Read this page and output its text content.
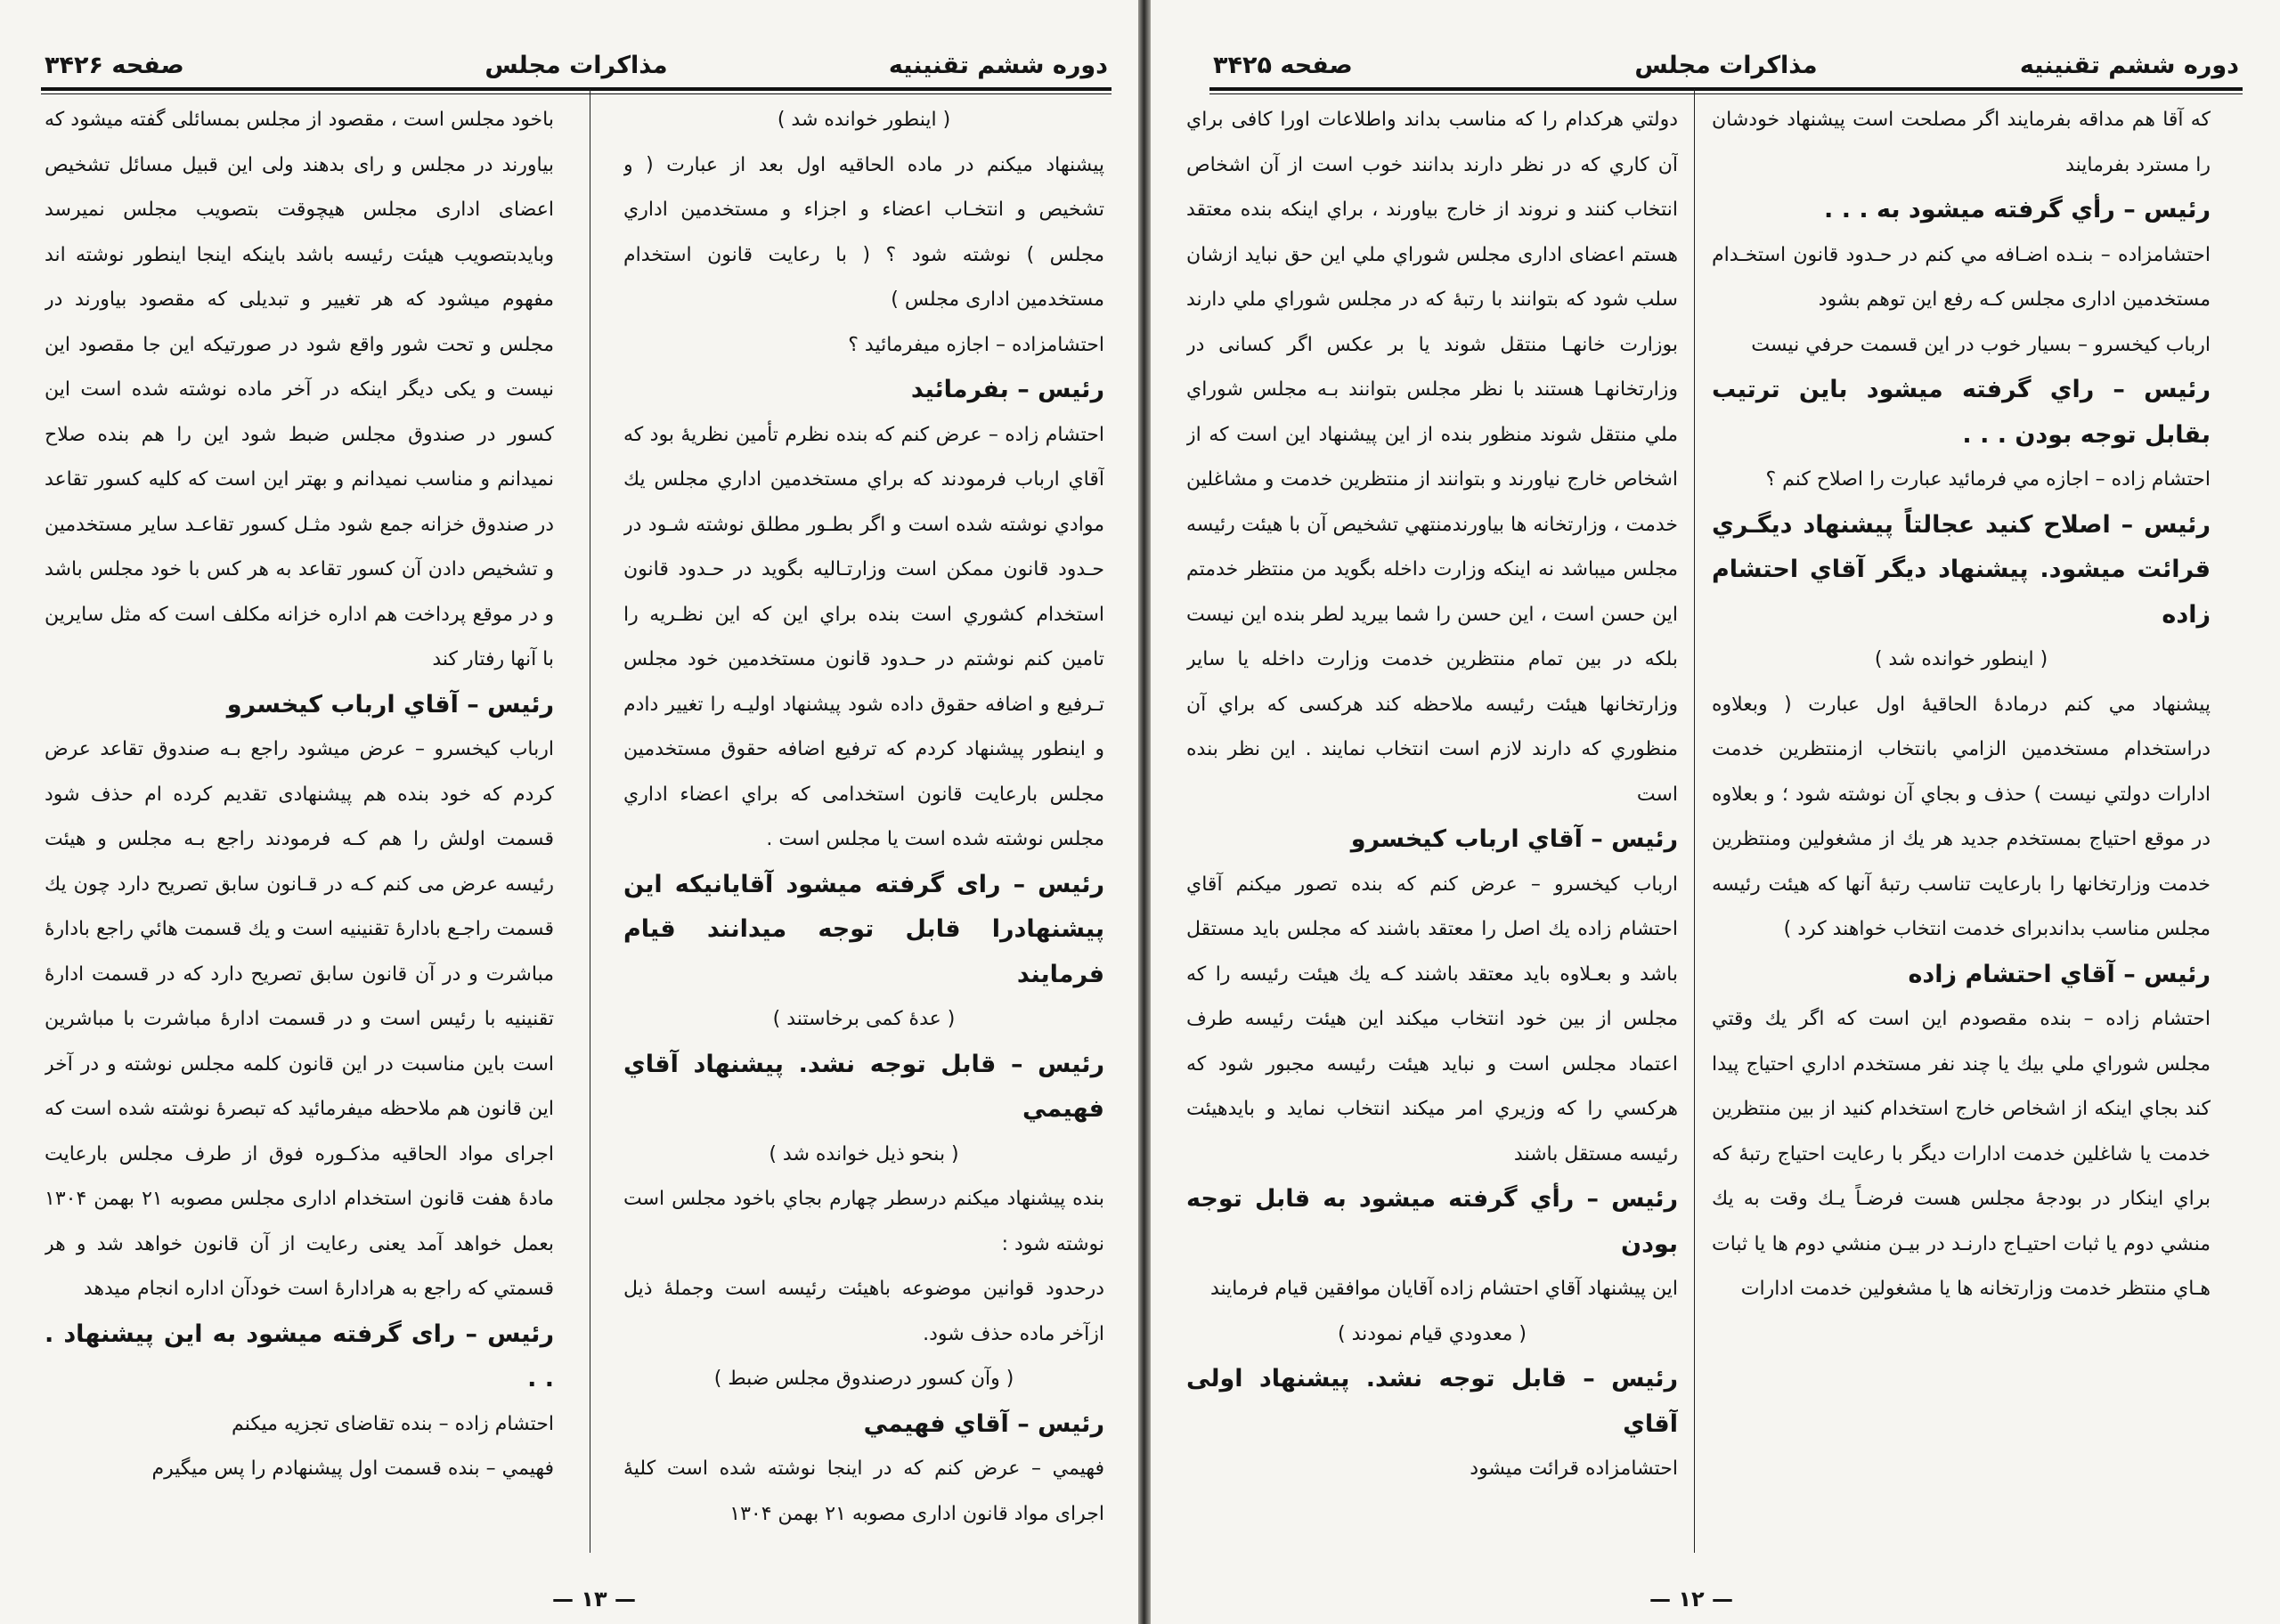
دوره ششم تقنینیه
مذاکرات مجلس
صفحه ۳۴۲۶

( اینطور خوانده شد )

پیشنهاد میکنم در ماده الحاقیه اول بعد از عبارت ( و تشخیص و انتخـاب اعضاء و اجزاء و مستخدمین اداري مجلس ) نوشته شود ؟ ( با رعایت قانون استخدام مستخدمین اداری مجلس )

احتشامزاده – اجازه میفرمائید ؟

رئیس – بفرمائید

احتشام زاده – عرض کنم که بنده نظرم تأمین نظریهٔ بود که آقاي ارباب فرمودند که براي مستخدمین اداري مجلس یك موادي نوشته شده است و اگر بطـور مطلق نوشته شـود در حـدود قانون ممکن است وزارتـالیه بگوید در حـدود قانون استخدام کشوري است بنده براي این که این نظـریه را تامین کنم نوشتم در حـدود قانون مستخدمین خود مجلس تـرفیع و اضافه حقوق داده شود پیشنهاد اولیـه را تغییر دادم و اینطور پیشنهاد کردم که ترفیع اضافه حقوق مستخدمین مجلس بارعایت قانون استخدامی که براي اعضاء اداري مجلس نوشته شده است یا مجلس است .

رئیس – رای گرفته میشود آقایانیکه این پیشنهادرا قابل توجه میدانند قیام فرمایند

( عدهٔ کمی برخاستند )

رئیس – قابل توجه نشد. پیشنهاد آقاي فهیمي

( بنحو ذیل خوانده شد )

بنده پیشنهاد میکنم درسطر چهارم بجاي باخود مجلس است نوشته شود :

درحدود قوانین موضوعه باهیئت رئیسه است وجملهٔ ذیل ازآخر ماده حذف شود.

( وآن کسور درصندوق مجلس ضبط )

رئیس – آقاي فهیمي

فهیمي – عرض کنم که در اینجا نوشته شده است کلیهٔ اجرای مواد قانون اداری مصوبه ۲۱ بهمن ۱۳۰۴

باخود مجلس است ، مقصود از مجلس بمسائلی گفته میشود که بیاورند در مجلس و رای بدهند ولی این قبیل مسائل تشخیص اعضای اداری مجلس هیچوقت بتصویب مجلس نمیرسد وبایدبتصویب هیئت رئیسه باشد باینکه اینجا اینطور نوشته اند مفهوم میشود که هر تغییر و تبدیلی که مقصود بیاورند در مجلس و تحت شور واقع شود در صورتیکه این جا مقصود این نیست و یکی دیگر اینکه در آخر ماده نوشته شده است این کسور در صندوق مجلس ضبط شود این را هم بنده صلاح نمیدانم و مناسب نمیدانم و بهتر این است که کلیه کسور تقاعد در صندوق خزانه جمع شود مثـل کسور تقاعـد سایر مستخدمین و تشخیص دادن آن کسور تقاعد به هر کس با خود مجلس باشد و در موقع پرداخت هم اداره خزانه مکلف است که مثل سایرین با آنها رفتار کند

رئیس – آقاي ارباب کیخسرو

ارباب کیخسرو – عرض میشود راجع بـه صندوق تقاعد عرض کردم که خود بنده هم پیشنهادی تقدیم کرده ام حذف شود قسمت اولش را هم کـه فرمودند راجع بـه مجلس و هیئت رئیسه عرض می کنم کـه در قـانون سابق تصریح دارد چون یك قسمت راجـع بادارهٔ تقنینیه است و یك قسمت هائي راجع بادارهٔ مباشرت و در آن قانون سابق تصریح دارد که در قسمت ادارهٔ تقنینیه با رئیس است و در قسمت ادارهٔ مباشرت با مباشرین است باین مناسبت در این قانون کلمه مجلس نوشته و در آخر این قانون هم ملاحظه میفرمائید که تبصرهٔ نوشته شده است که اجرای مواد الحاقیه مذکـوره فوق از طرف مجلس بارعایت مادهٔ هفت قانون استخدام اداری مجلس مصوبه ۲۱ بهمن ۱۳۰۴ بعمل خواهد آمد یعنی رعایت از آن قانون خواهد شد و هر قسمتي که راجع به هرادارهٔ است خودآن اداره انجام میدهد

رئیس – رای گرفته میشود به این پیشنهاد . . .

احتشام زاده – بنده تقاضای تجزیه میکنم

فهیمي – بنده قسمت اول پیشنهادم را پس میگیرم

— ۱۳ —
دوره ششم تقنینیه
مذاکرات مجلس
صفحه ۳۴۲۵

که آقا هم مداقه بفرمایند اگر مصلحت است پیشنهاد خودشان را مسترد بفرمایند

رئیس – رأي گرفته میشود به . . .

احتشامزاده – بنـده اضـافه مي کنم در حـدود قانون استخـدام مستخدمین اداری مجلس کـه رفع این توهم بشود

ارباب کیخسرو – بسیار خوب در این قسمت حرفي نیست

رئیس – راي گرفته میشود باین ترتیب بقابل توجه بودن . . .

احتشام زاده – اجازه مي فرمائید عبارت را اصلاح کنم ؟

رئیس – اصلاح کنید عجالتاً پیشنهاد دیگـري قرائت میشود. پیشنهاد دیگر آقاي احتشام زاده

( اینطور خوانده شد )

پیشنهاد مي کنم درمادهٔ الحاقیهٔ اول عبارت ( وبعلاوه دراستخدام مستخدمین الزامي بانتخاب ازمنتظرین خدمت ادارات دولتي نیست ) حذف و بجاي آن نوشته شود ؛ و بعلاوه در موقع احتیاج بمستخدم جدید هر یك از مشغولین ومنتظرین خدمت وزارتخانها را بارعایت تناسب رتبهٔ آنها که هیئت رئیسه مجلس مناسب بداندبرای خدمت انتخاب خواهند کرد )

رئیس – آقاي احتشام زاده

احتشام زاده – بنده مقصودم این است که اگر یك وقتي مجلس شوراي ملي بیك یا چند نفر مستخدم اداري احتیاج پیدا کند بجاي اینکه از اشخاص خارج استخدام کنید از بین منتظرین خدمت یا شاغلین خدمت ادارات دیگر با رعایت احتیاج رتبهٔ که براي اینکار در بودجهٔ مجلس هست فرضـاً یـك وقت به یك منشي دوم یا ثبات احتیـاج دارنـد در بیـن منشي دوم ها یا ثبات هـاي منتظر خدمت وزارتخانه ها یا مشغولین خدمت ادارات

دولتي هرکدام را که مناسب بداند واطلاعات اورا کافی براي آن کاري که در نظر دارند بدانند خوب است از آن اشخاص انتخاب کنند و نروند از خارج بیاورند ، براي اینکه بنده معتقد هستم اعضای اداری مجلس شوراي ملي این حق نباید ازشان سلب شود که بتوانند با رتبهٔ که در مجلس شوراي ملي دارند بوزارت خانهـا منتقل شوند یا بر عکس اگر کسانی در وزارتخانهـا هستند با نظر مجلس بتوانند بـه مجلس شوراي ملي منتقل شوند منظور بنده از این پیشنهاد این است که از اشخاص خارج نیاورند و بتوانند از منتظرین خدمت و مشاغلین خدمت ، وزارتخانه ها بیاورندمنتهي تشخیص آن با هیئت رئیسه مجلس میباشد نه اینکه وزارت داخله بگوید من منتظر خدمتم این حسن است ، این حسن را شما بیرید لطر بنده این نیست بلکه در بین تمام منتظرین خدمت وزارت داخله یا سایر وزارتخانها هیئت رئیسه ملاحظه کند هرکسی که براي آن منظوري که دارند لازم است انتخاب نمایند . این نظر بنده است

رئیس – آقاي ارباب کیخسرو

ارباب کیخسرو – عرض کنم که بنده تصور میکنم آقاي احتشام زاده یك اصل را معتقد باشند که مجلس باید مستقل باشد و بعـلاوه باید معتقد باشند کـه یك هیئت رئیسه را که مجلس از بین خود انتخاب میکند این هیئت رئیسه طرف اعتماد مجلس است و نباید هیئت رئیسه مجبور شود که هرکسي را که وزیري امر میکند انتخاب نماید و بایدهیئت رئیسه مستقل باشند

رئیس – رأي گرفته میشود به قابل توجه بودن

این پیشنهاد آقاي احتشام زاده آقایان موافقین قیام فرمایند

( معدودي قیام نمودند )

رئیس – قابل توجه نشد. پیشنهاد اولی آقاي

احتشامزاده قرائت میشود

— ۱۲ —
